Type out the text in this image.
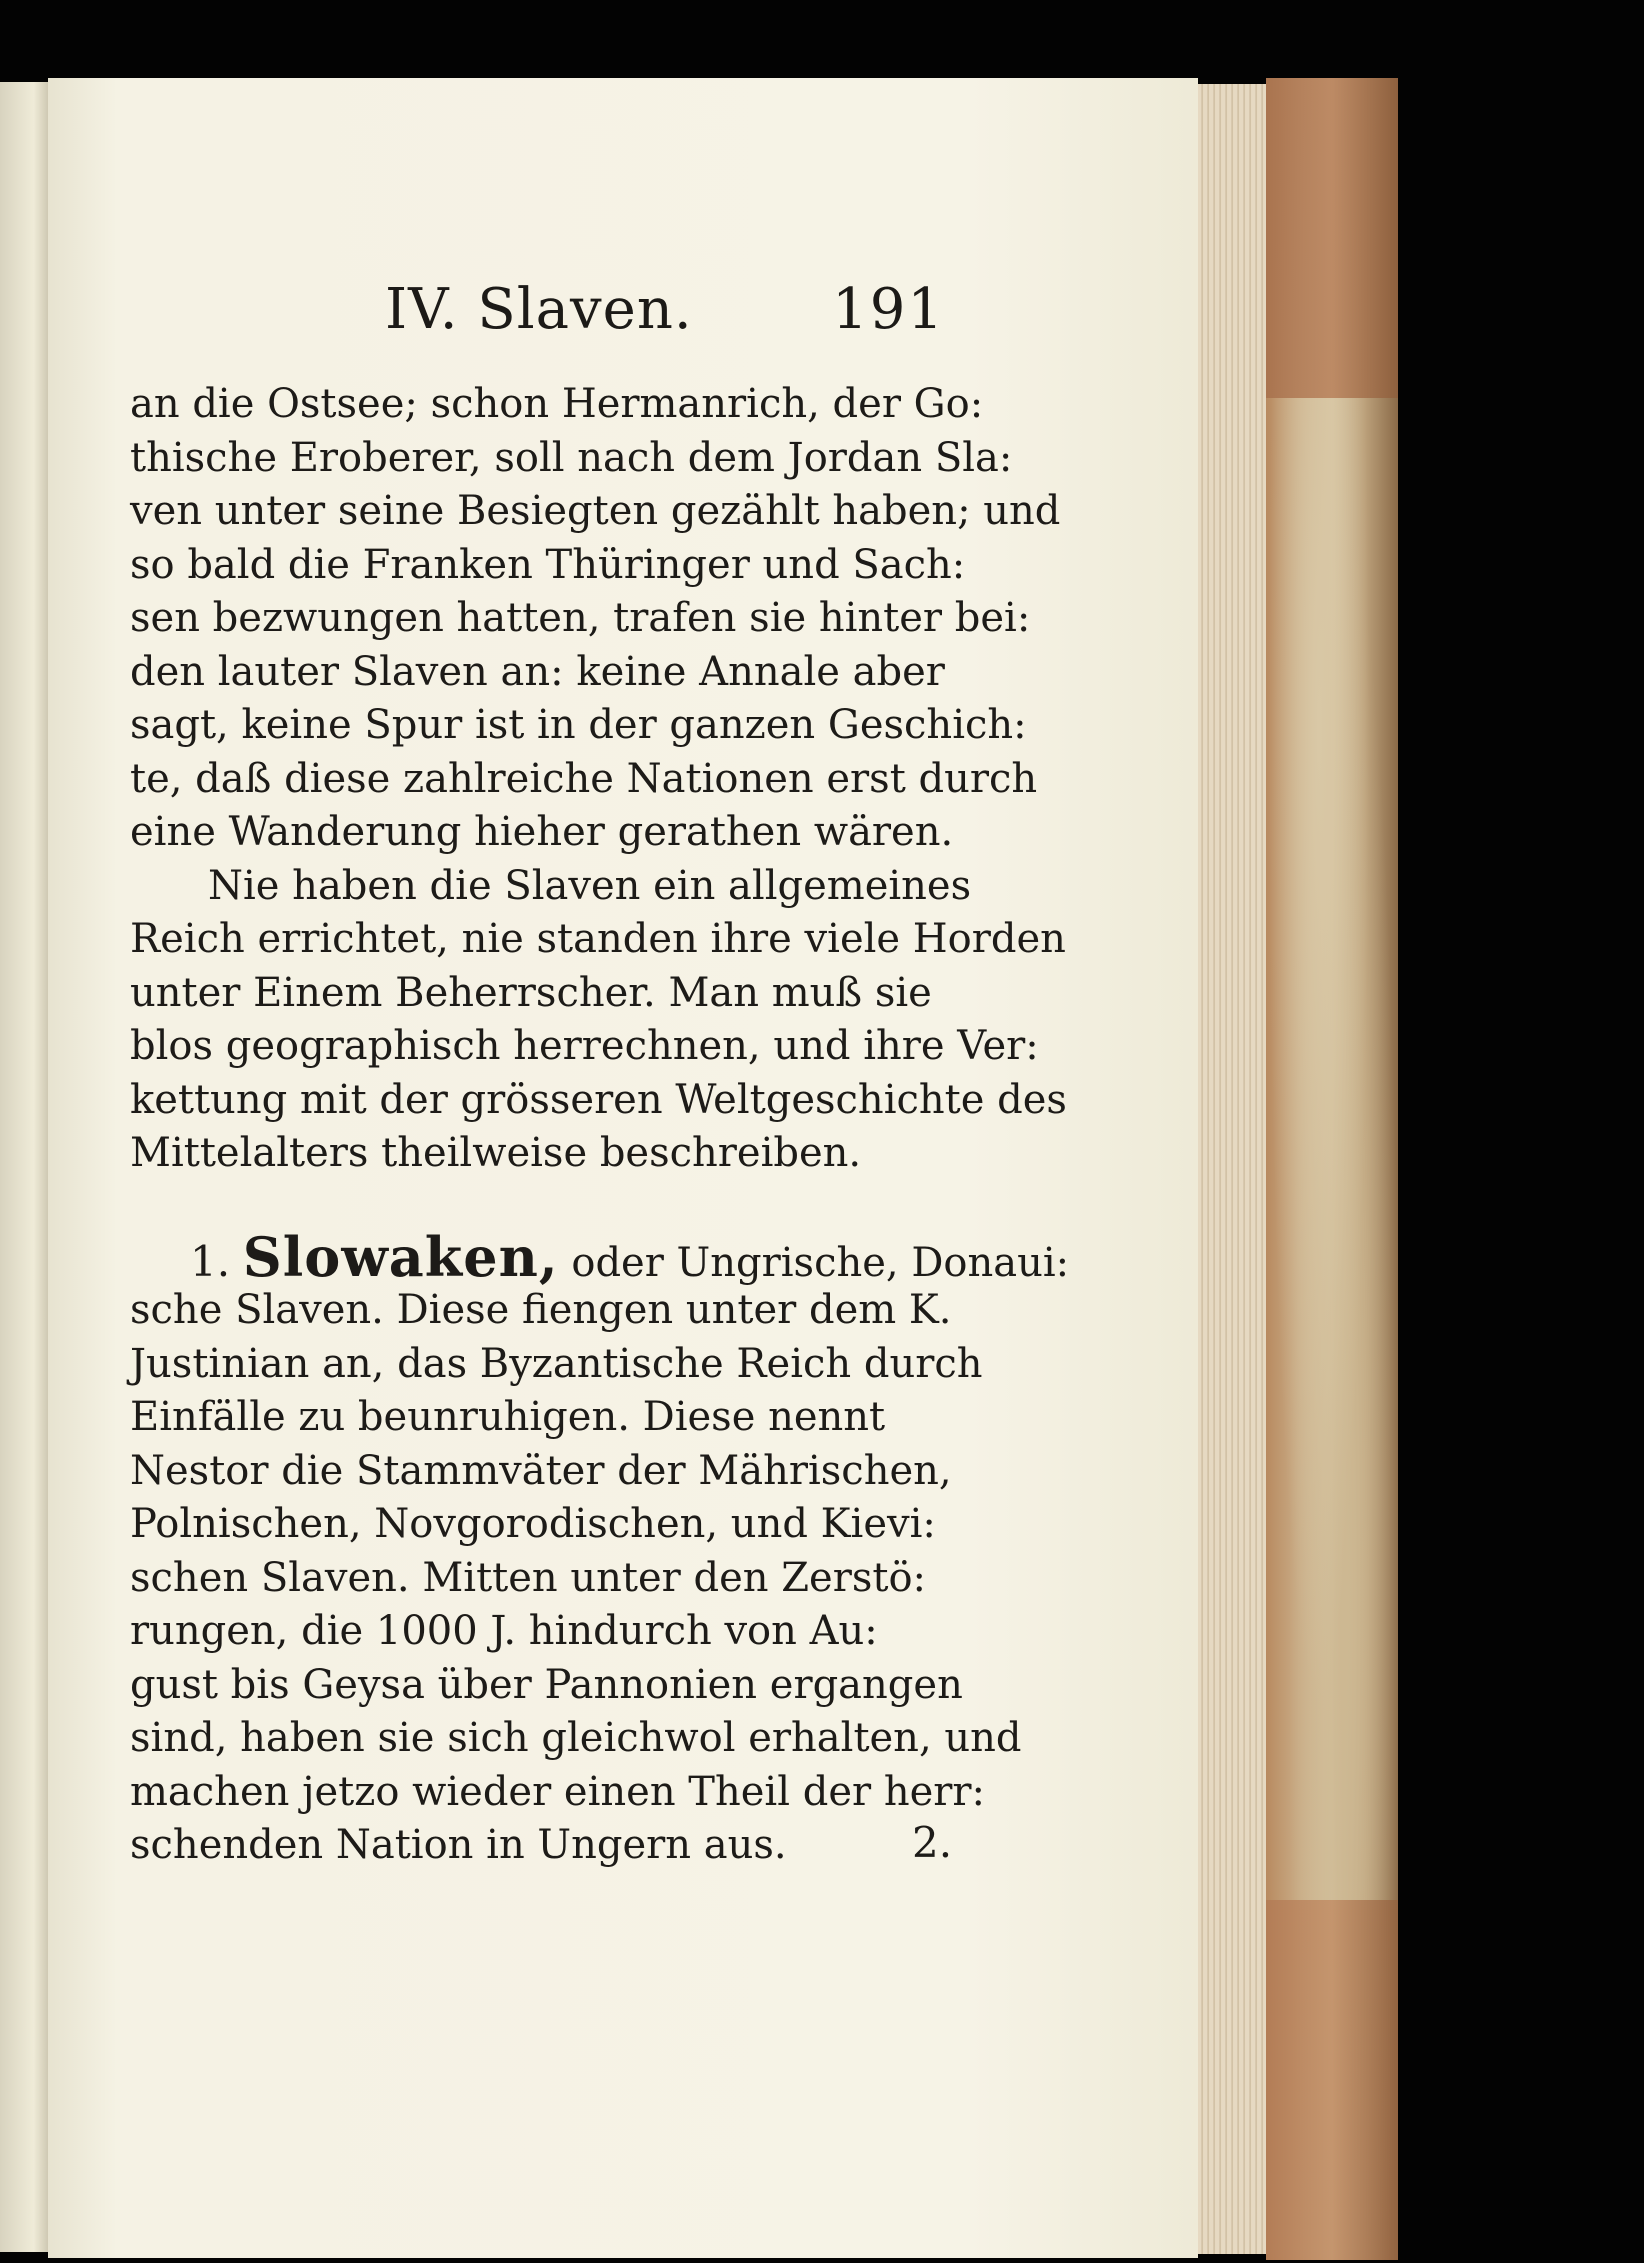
IV. Slaven. 191
an die Ostsee; schon Hermanrich, der Go:
thische Eroberer, soll nach dem Jordan Sla:
ven unter seine Besiegten gezählt haben; und
so bald die Franken Thüringer und Sach:
sen bezwungen hatten, trafen sie hinter bei:
den lauter Slaven an: keine Annale aber
sagt, keine Spur ist in der ganzen Geschich:
te, daß diese zahlreiche Nationen erst durch
eine Wanderung hieher gerathen wären.
Nie haben die Slaven ein allgemeines
Reich errichtet, nie standen ihre viele Horden
unter Einem Beherrscher. Man muß sie
blos geographisch herrechnen, und ihre Ver:
kettung mit der grösseren Weltgeschichte des
Mittelalters theilweise beschreiben.
1. Slowaken, oder Ungrische, Donaui:
sche Slaven. Diese fiengen unter dem K.
Justinian an, das Byzantische Reich durch
Einfälle zu beunruhigen. Diese nennt
Nestor die Stammväter der Mährischen,
Polnischen, Novgorodischen, und Kievi:
schen Slaven. Mitten unter den Zerstö:
rungen, die 1000 J. hindurch von Au:
gust bis Geysa über Pannonien ergangen
sind, haben sie sich gleichwol erhalten, und
machen jetzo wieder einen Theil der herr:
schenden Nation in Ungern aus.	2.
